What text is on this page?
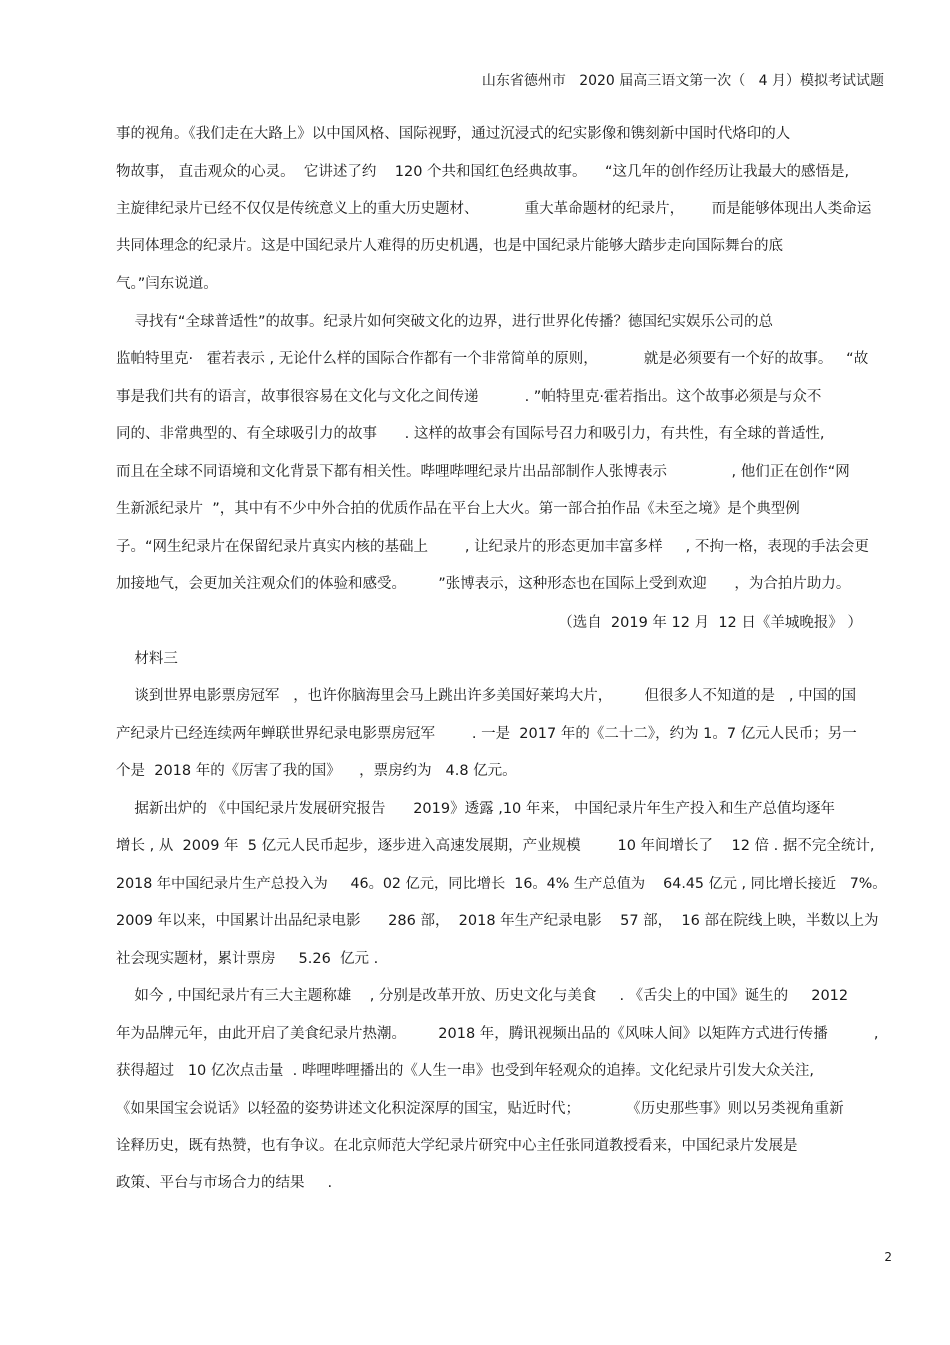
山东省德州市   2020 届高三语文第一次（   4 月）模拟考试试题
事的视角。《我们走在大路上》以中国风格、国际视野，通过沉浸式的纪实影像和镌刻新中国时代烙印的人
物故事， 直击观众的心灵。  它讲述了约    120 个共和国红色经典故事。    “这几年的创作经历让我最大的感悟是,
主旋律纪录片已经不仅仅是传统意义上的重大历史题材、          重大革命题材的纪录片，      而是能够体现出人类命运
共同体理念的纪录片。这是中国纪录片人难得的历史机遇，也是中国纪录片能够大踏步走向国际舞台的底
气。”闫东说道。
寻找有“全球普适性”的故事。纪录片如何突破文化的边界，进行世界化传播？德国纪实娱乐公司的总
监帕特里克·   霍若表示 , 无论什么样的国际合作都有一个非常简单的原则，          就是必须要有一个好的故事。   “故
事是我们共有的语言，故事很容易在文化与文化之间传递          . ”帕特里克·霍若指出。这个故事必须是与众不
同的、非常典型的、有全球吸引力的故事      . 这样的故事会有国际号召力和吸引力，有共性，有全球的普适性,
而且在全球不同语境和文化背景下都有相关性。哔哩哔哩纪录片出品部制作人张博表示              , 他们正在创作“网
生新派纪录片  ”，其中有不少中外合拍的优质作品在平台上大火。第一部合拍作品《未至之境》是个典型例
子。“网生纪录片在保留纪录片真实内核的基础上        , 让纪录片的形态更加丰富多样     , 不拘一格，表现的手法会更
加接地气，会更加关注观众们的体验和感受。       ”张博表示，这种形态也在国际上受到欢迎      ，为合拍片助力。
（选自  2019 年 12 月  12 日《羊城晚报》 ）
材料三
谈到世界电影票房冠军   ，也许你脑海里会马上跳出许多美国好莱坞大片，       但很多人不知道的是   , 中国的国
产纪录片已经连续两年蝉联世界纪录电影票房冠军        . 一是  2017 年的《二十二》，约为 1。7 亿元人民币；另一
个是  2018 年的《厉害了我的国》    ，票房约为   4.8 亿元。
据新出炉的 《中国纪录片发展研究报告      2019》透露 ,10 年来， 中国纪录片年生产投入和生产总值均逐年
增长 , 从  2009 年  5 亿元人民币起步，逐步进入高速发展期，产业规模        10 年间增长了    12 倍 . 据不完全统计,
2018 年中国纪录片生产总投入为     46。02 亿元，同比增长  16。4% 生产总值为    64.45 亿元 , 同比增长接近   7%。
2009 年以来，中国累计出品纪录电影      286 部，  2018 年生产纪录电影    57 部，  16 部在院线上映，半数以上为
社会现实题材，累计票房     5.26  亿元 .
如今 , 中国纪录片有三大主题称雄    , 分别是改革开放、历史文化与美食     . 《舌尖上的中国》诞生的     2012
年为品牌元年，由此开启了美食纪录片热潮。       2018 年，腾讯视频出品的《风味人间》以矩阵方式进行传播          ,
获得超过   10 亿次点击量  . 哔哩哔哩播出的《人生一串》也受到年轻观众的追捧。文化纪录片引发大众关注,
《如果国宝会说话》以轻盈的姿势讲述文化积淀深厚的国宝，贴近时代；          《历史那些事》则以另类视角重新
诠释历史，既有热赞，也有争议。在北京师范大学纪录片研究中心主任张同道教授看来，中国纪录片发展是
政策、平台与市场合力的结果     .
2
